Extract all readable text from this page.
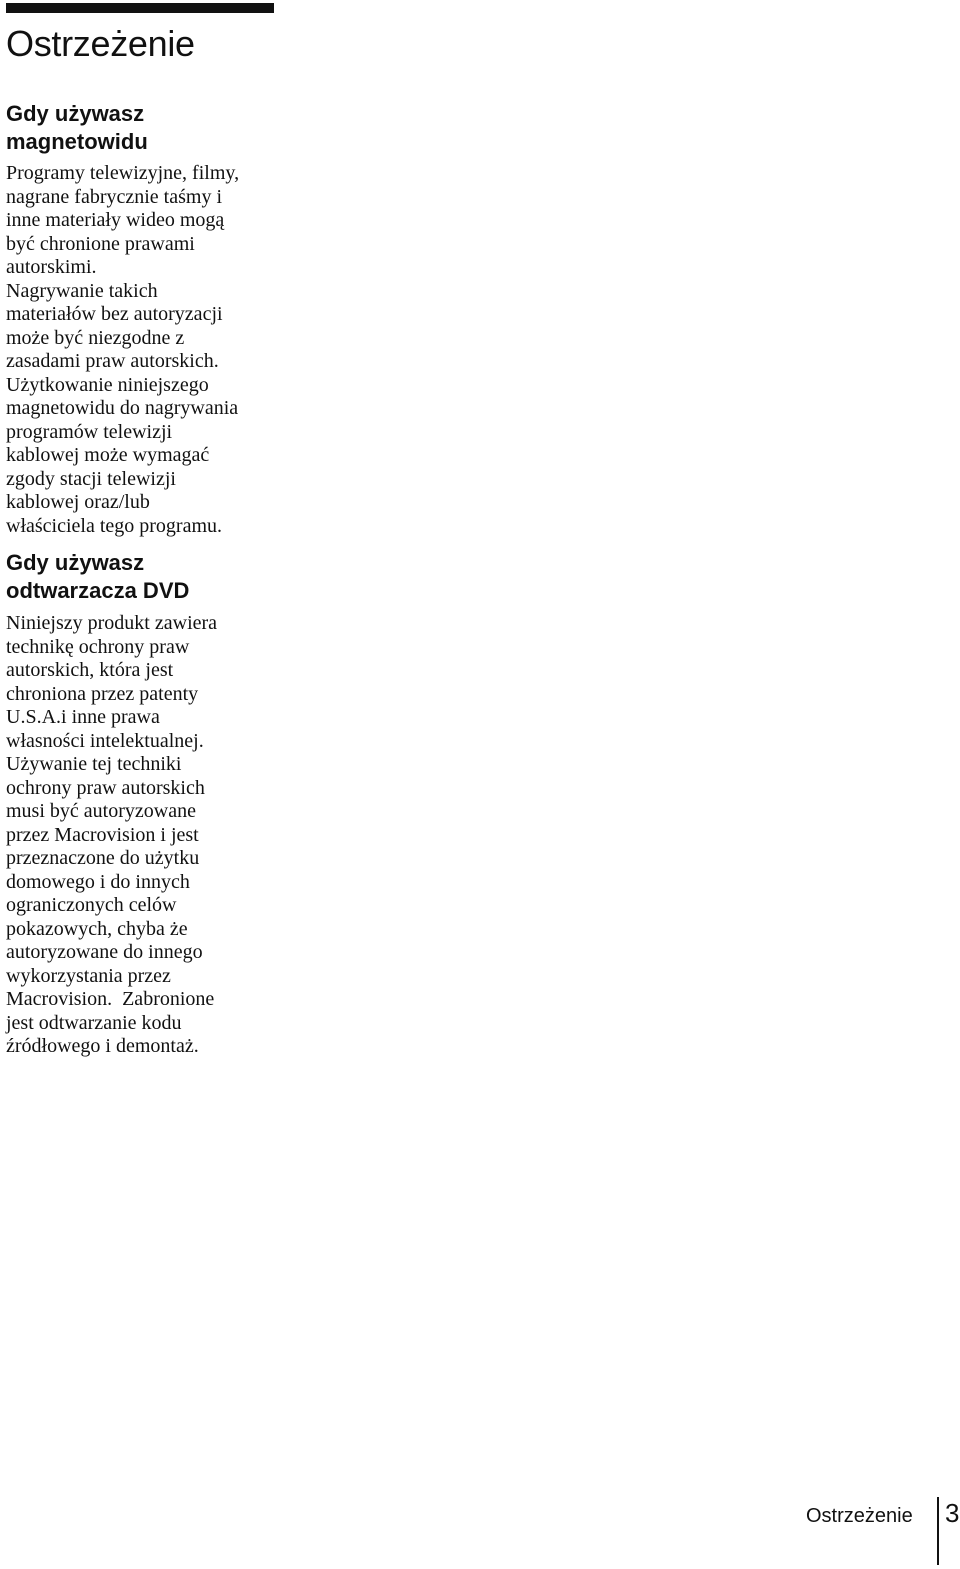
Ostrzeżenie
Gdy używasz
magnetowidu
Programy telewizyjne, filmy,
nagrane fabrycznie taśmy i
inne materiały wideo mogą
być chronione prawami
autorskimi.
Nagrywanie takich
materiałów bez autoryzacji
może być niezgodne z
zasadami praw autorskich.
Użytkowanie niniejszego
magnetowidu do nagrywania
programów telewizji
kablowej może wymagać
zgody stacji telewizji
kablowej oraz/lub
właściciela tego programu.
Gdy używasz
odtwarzacza DVD
Niniejszy produkt zawiera
technikę ochrony praw
autorskich, która jest
chroniona przez patenty
U.S.A.i inne prawa
własności intelektualnej.
Używanie tej techniki
ochrony praw autorskich
musi być autoryzowane
przez Macrovision i jest
przeznaczone do użytku
domowego i do innych
ograniczonych celów
pokazowych, chyba że
autoryzowane do innego
wykorzystania przez
Macrovision.  Zabronione
jest odtwarzanie kodu
źródłowego i demontaż.
Ostrzeżenie 3
